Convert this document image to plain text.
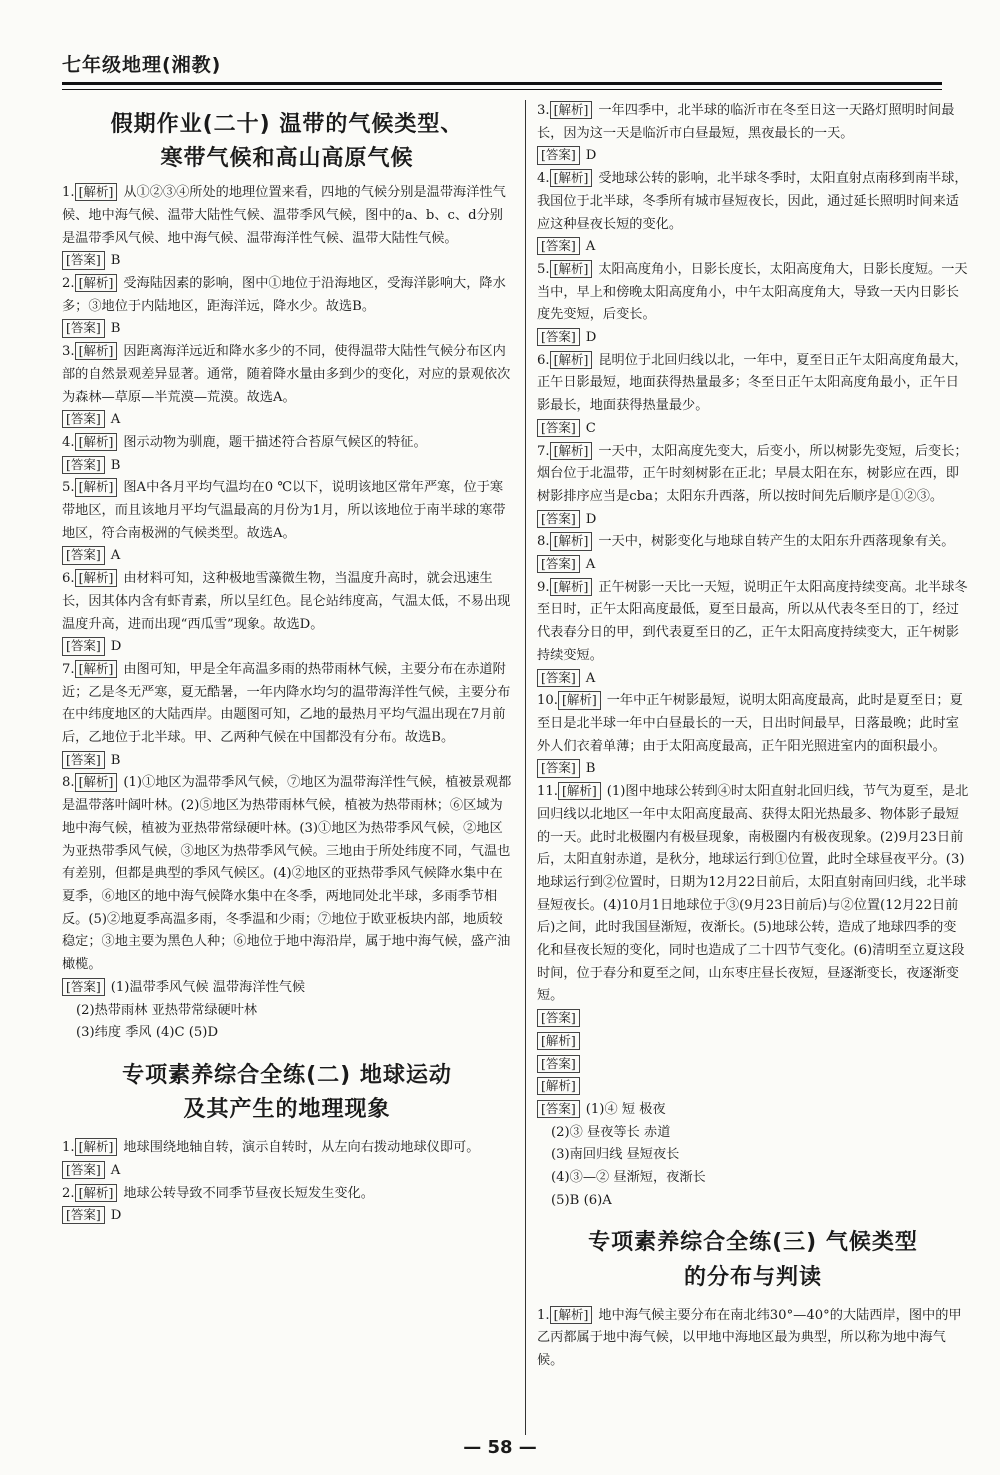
七年级地理(湘教)
假期作业(二十) 温带的气候类型、
寒带气候和高山高原气候

1. [解析] 从①②③④所处的地理位置来看，四地的气候分别是温带海洋性气候、地中海气候、温带大陆性气候、温带季风气候，图中的a、b、c、d分别是温带季风气候、地中海气候、温带海洋性气候、温带大陆性气候。

[答案] B

2. [解析] 受海陆因素的影响，图中①地位于沿海地区，受海洋影响大，降水多；③地位于内陆地区，距海洋远，降水少。故选B。

[答案] B

3. [解析] 因距离海洋远近和降水多少的不同，使得温带大陆性气候分布区内部的自然景观差异显著。通常，随着降水量由多到少的变化，对应的景观依次为森林—草原—半荒漠—荒漠。故选A。

[答案] A

4. [解析] 图示动物为驯鹿，题干描述符合苔原气候区的特征。

[答案] B

5. [解析] 图A中各月平均气温均在0 ℃以下，说明该地区常年严寒，位于寒带地区，而且该地月平均气温最高的月份为1月，所以该地位于南半球的寒带地区，符合南极洲的气候类型。故选A。

[答案] A

6. [解析] 由材料可知，这种极地雪藻微生物，当温度升高时，就会迅速生长，因其体内含有虾青素，所以呈红色。昆仑站纬度高，气温太低，不易出现温度升高，进而出现“西瓜雪”现象。故选D。

[答案] D

7. [解析] 由图可知，甲是全年高温多雨的热带雨林气候，主要分布在赤道附近；乙是冬无严寒，夏无酷暑，一年内降水均匀的温带海洋性气候，主要分布在中纬度地区的大陆西岸。由题图可知，乙地的最热月平均气温出现在7月前后，乙地位于北半球。甲、乙两种气候在中国都没有分布。故选B。

[答案] B

8. [解析] (1)①地区为温带季风气候，⑦地区为温带海洋性气候，植被景观都是温带落叶阔叶林。(2)⑤地区为热带雨林气候，植被为热带雨林；⑥区域为地中海气候，植被为亚热带常绿硬叶林。(3)①地区为热带季风气候，②地区为亚热带季风气候，③地区为热带季风气候。三地由于所处纬度不同，气温也有差别，但都是典型的季风气候区。(4)②地区的亚热带季风气候降水集中在夏季，⑥地区的地中海气候降水集中在冬季，两地同处北半球，多雨季节相反。(5)②地夏季高温多雨，冬季温和少雨；⑦地位于欧亚板块内部，地质较稳定；③地主要为黑色人种；⑥地位于地中海沿岸，属于地中海气候，盛产油橄榄。

[答案] (1)温带季风气候 温带海洋性气候

(2)热带雨林 亚热带常绿硬叶林
(3)纬度 季风 (4)C (5)D
专项素养综合全练(二) 地球运动
及其产生的地理现象

1. [解析] 地球围绕地轴自转，演示自转时，从左向右拨动地球仪即可。

[答案] A

2. [解析] 地球公转导致不同季节昼夜长短发生变化。

[答案] D

3. [解析] 一年四季中，北半球的临沂市在冬至日这一天路灯照明时间最长，因为这一天是临沂市白昼最短，黑夜最长的一天。

[答案] D

4. [解析] 受地球公转的影响，北半球冬季时，太阳直射点南移到南半球，我国位于北半球，冬季所有城市昼短夜长，因此，通过延长照明时间来适应这种昼夜长短的变化。

[答案] A

5. [解析] 太阳高度角小，日影长度长，太阳高度角大，日影长度短。一天当中，早上和傍晚太阳高度角小，中午太阳高度角大，导致一天内日影长度先变短，后变长。

[答案] D

6. [解析] 昆明位于北回归线以北，一年中，夏至日正午太阳高度角最大，正午日影最短，地面获得热量最多；冬至日正午太阳高度角最小，正午日影最长，地面获得热量最少。

[答案] C

7. [解析] 一天中，太阳高度先变大，后变小，所以树影先变短，后变长；烟台位于北温带，正午时刻树影在正北；早晨太阳在东，树影应在西，即树影排序应当是cba；太阳东升西落，所以按时间先后顺序是①②③。

[答案] D

8. [解析] 一天中，树影变化与地球自转产生的太阳东升西落现象有关。

[答案] A

9. [解析] 正午树影一天比一天短，说明正午太阳高度持续变高。北半球冬至日时，正午太阳高度最低，夏至日最高，所以从代表冬至日的丁，经过代表春分日的甲，到代表夏至日的乙，正午太阳高度持续变大，正午树影持续变短。

[答案] A

10. [解析] 一年中正午树影最短，说明太阳高度最高，此时是夏至日；夏至日是北半球一年中白昼最长的一天，日出时间最早，日落最晚；此时室外人们衣着单薄；由于太阳高度最高，正午阳光照进室内的面积最小。

[答案] B

11. [解析] (1)图中地球公转到④时太阳直射北回归线，节气为夏至，是北回归线以北地区一年中太阳高度最高、获得太阳光热最多、物体影子最短的一天。此时北极圈内有极昼现象，南极圈内有极夜现象。(2)9月23日前后，太阳直射赤道，是秋分，地球运行到①位置，此时全球昼夜平分。(3)地球运行到②位置时，日期为12月22日前后，太阳直射南回归线，北半球昼短夜长。(4)10月1日地球位于③(9月23日前后)与②位置(12月22日前后)之间，此时我国昼渐短，夜渐长。(5)地球公转，造成了地球四季的变化和昼夜长短的变化，同时也造成了二十四节气变化。(6)清明至立夏这段时间，位于春分和夏至之间，山东枣庄昼长夜短，昼逐渐变长，夜逐渐变短。

[答案]

[解析]

[答案]

[解析]

[答案] (1)④ 短 极夜

(2)③ 昼夜等长 赤道
(3)南回归线 昼短夜长
(4)③—② 昼渐短，夜渐长
(5)B (6)A
专项素养综合全练(三) 气候类型
的分布与判读

1. [解析] 地中海气候主要分布在南北纬30°—40°的大陆西岸，图中的甲乙丙都属于地中海气候，以甲地中海地区最为典型，所以称为地中海气候。

— 58 —
